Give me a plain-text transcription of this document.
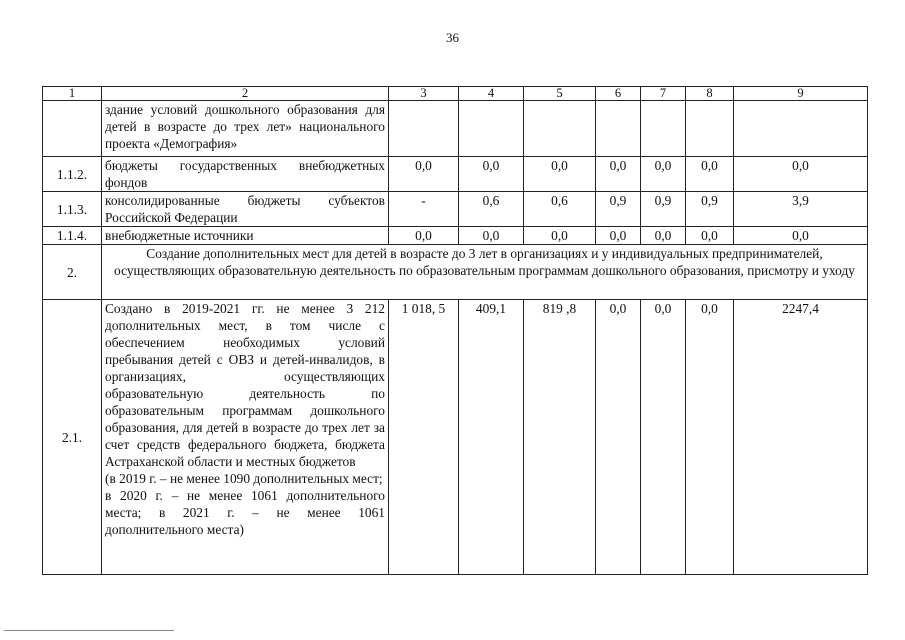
36
1	2	3	4	5	6	7	8	9
	здание условий дошкольного образования для детей в возрасте до трех лет» национального проекта «Демография»							
1.1.2.	бюджеты государственных внебюджетных фондов	0,0	0,0	0,0	0,0	0,0	0,0	0,0
1.1.3.	консолидированные бюджеты субъектов Российской Федерации	-	0,6	0,6	0,9	0,9	0,9	3,9
1.1.4.	внебюджетные источники	0,0	0,0	0,0	0,0	0,0	0,0	0,0
2.	Создание дополнительных мест для детей в возрасте до 3 лет в организациях и у индивидуальных предпринимателей, осуществляющих образовательную деятельность по образовательным программам дошкольного образования, присмотру и уходу							
2.1.	Создано в 2019-2021 гг. не менее 3 212 дополнительных мест, в том числе с обеспечением необходимых условий пребывания детей с ОВЗ и детей-инвалидов, в организациях, осуществляющих образовательную деятельность по образовательным программам дошкольного образования, для детей в возрасте до трех лет за счет средств федерального бюджета, бюджета Астраханской области и местных бюджетов
(в 2019 г. – не менее 1090 дополнительных мест;
в 2020 г. – не менее 1061 дополнительного места; в 2021 г. – не менее 1061 дополнительного места)	1 018, 5	409,1	819 ,8	0,0	0,0	0,0	2247,4
